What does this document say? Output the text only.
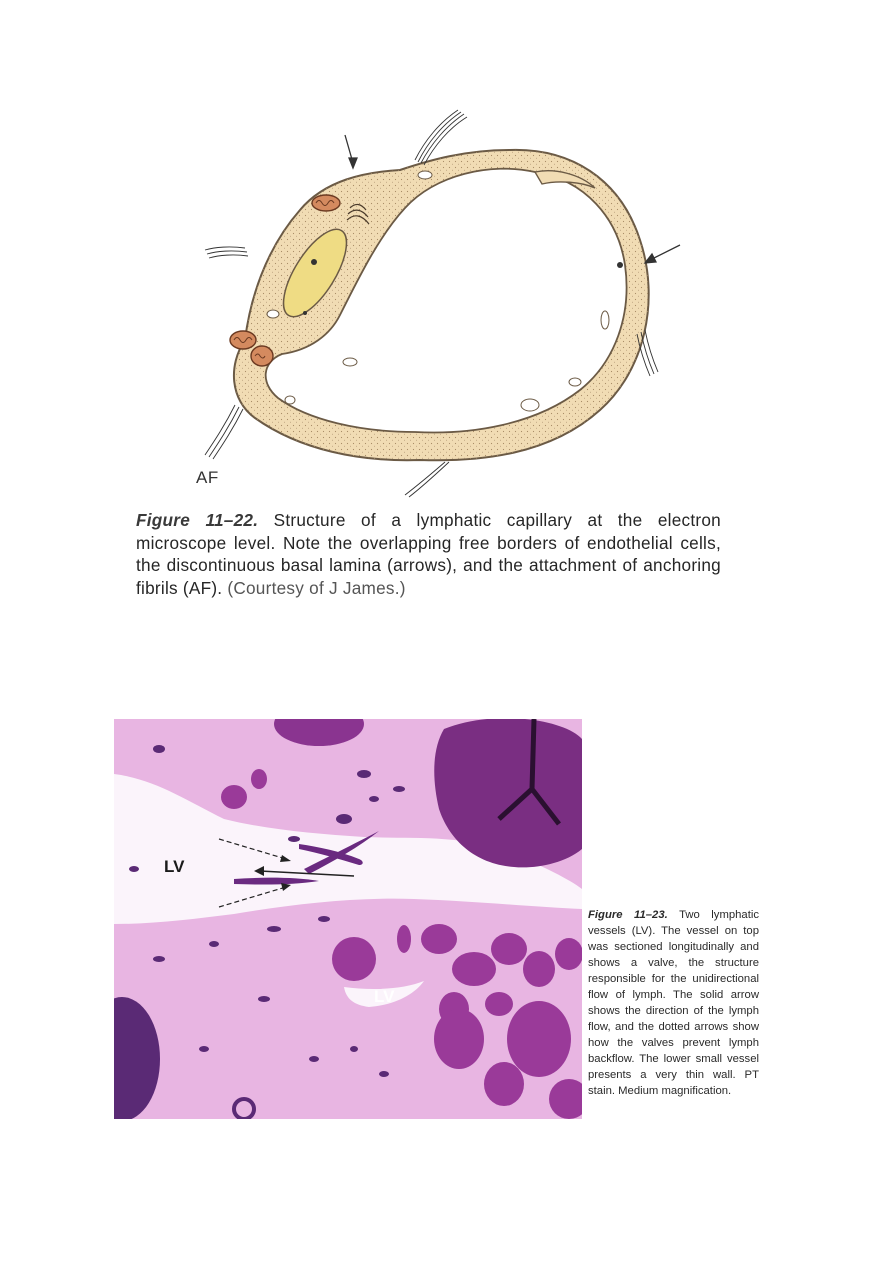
AF
Figure 11–22. Structure of a lymphatic capillary at the electron microscope level. Note the overlapping free borders of endothelial cells, the discontinuous basal lamina (arrows), and the attachment of anchoring fibrils (AF). (Courtesy of J James.)
LV
LV
Figure 11–23. Two lymphatic vessels (LV). The vessel on top was sectioned longitudinally and shows a valve, the structure responsible for the unidirectional flow of lymph. The solid arrow shows the direction of the lymph flow, and the dotted arrows show how the valves prevent lymph backflow. The lower small vessel presents a very thin wall. PT stain. Medium magnification.
